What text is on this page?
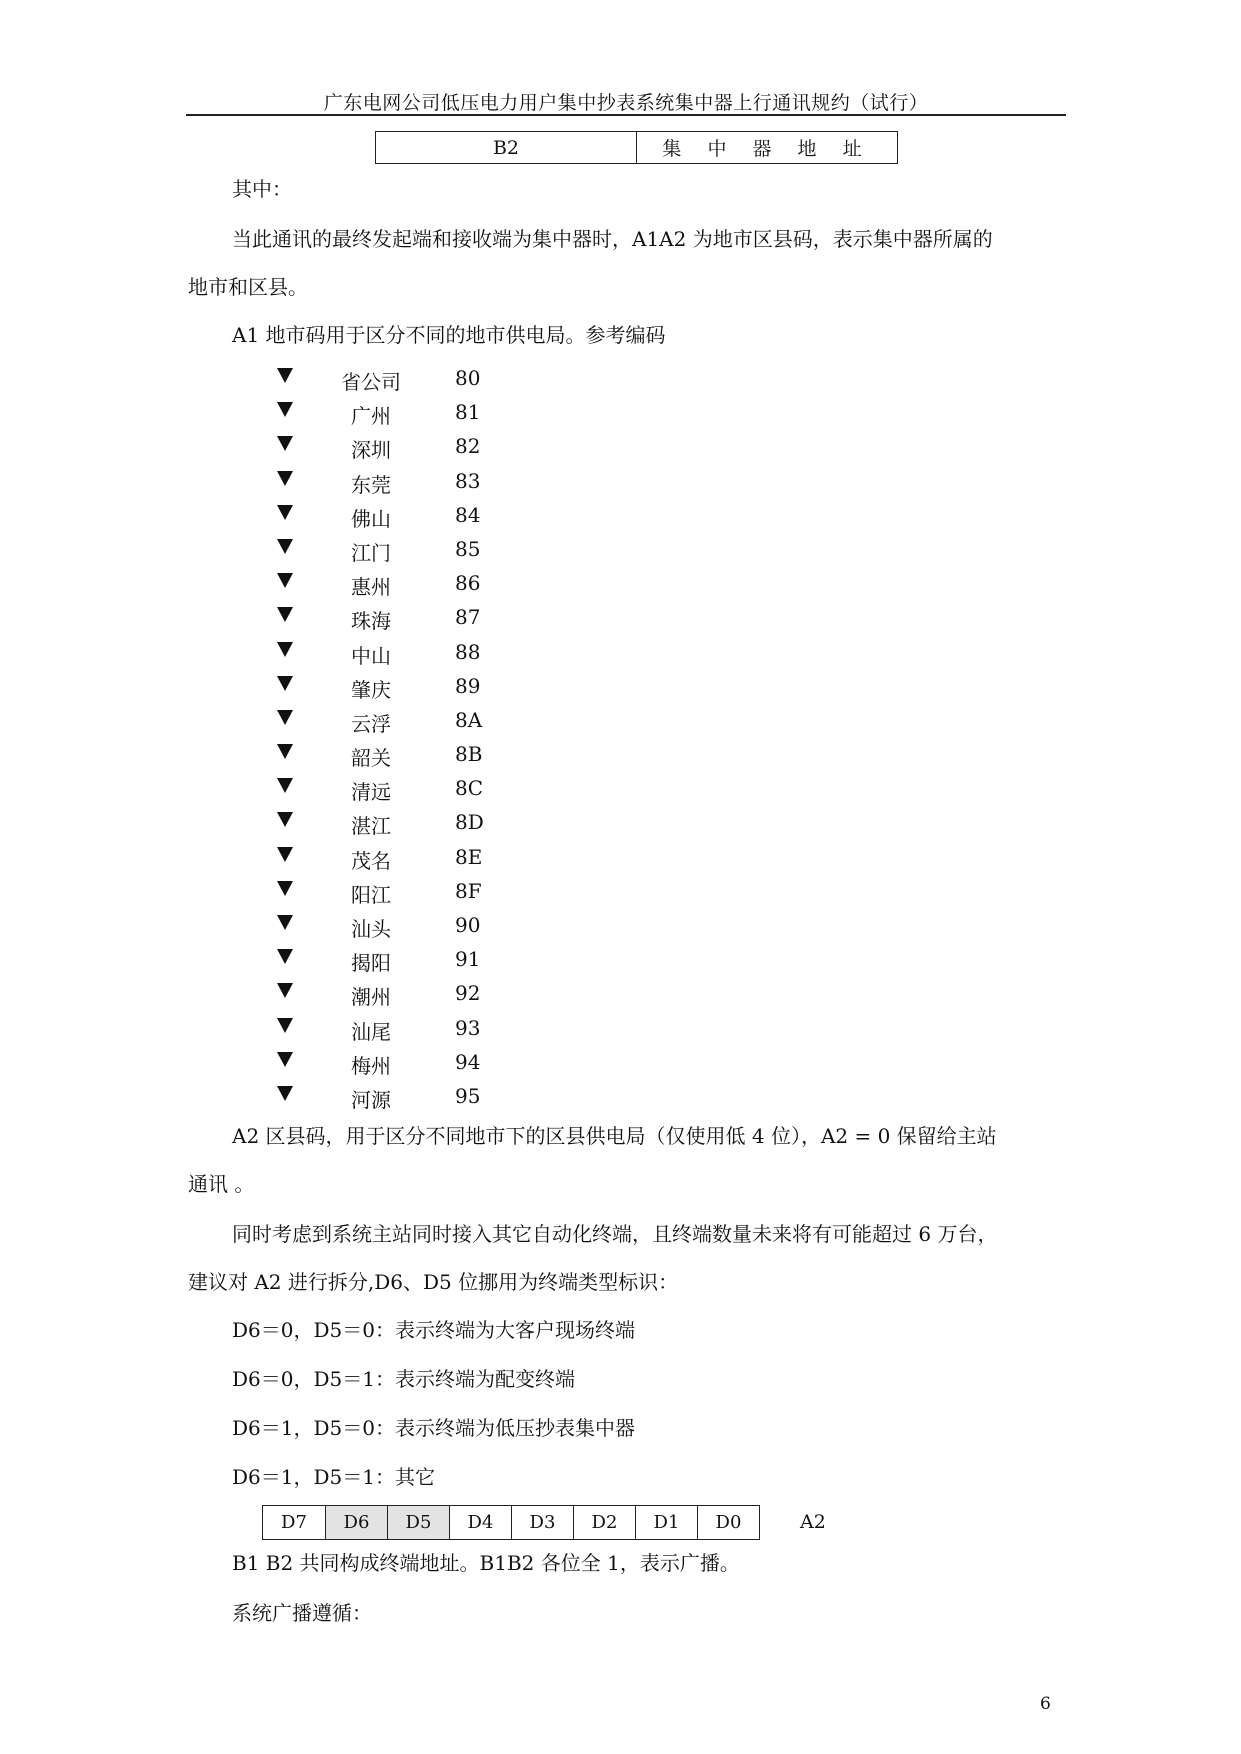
广东电网公司低压电力用户集中抄表系统集中器上行通讯规约（试行）
B2	集 中 器 地 址
其中：
当此通讯的最终发起端和接收端为集中器时，A1A2 为地市区县码，表示集中器所属的
地市和区县。
A1 地市码用于区分不同的地市供电局。参考编码
省公司	80
广州	81
深圳	82
东莞	83
佛山	84
江门	85
惠州	86
珠海	87
中山	88
肇庆	89
云浮	8A
韶关	8B
清远	8C
湛江	8D
茂名	8E
阳江	8F
汕头	90
揭阳	91
潮州	92
汕尾	93
梅州	94
河源	95
A2 区县码，用于区分不同地市下的区县供电局（仅使用低 4 位），A2 = 0 保留给主站
通讯 。
同时考虑到系统主站同时接入其它自动化终端，且终端数量未来将有可能超过 6 万台，
建议对 A2 进行拆分,D6、D5 位挪用为终端类型标识：
D6＝0，D5＝0：表示终端为大客户现场终端
D6＝0，D5＝1：表示终端为配变终端
D6＝1，D5＝0：表示终端为低压抄表集中器
D6＝1，D5＝1：其它
D7	D6	D5	D4	D3	D2	D1	D0	A2
B1 B2 共同构成终端地址。B1B2 各位全 1，表示广播。
系统广播遵循：
6
